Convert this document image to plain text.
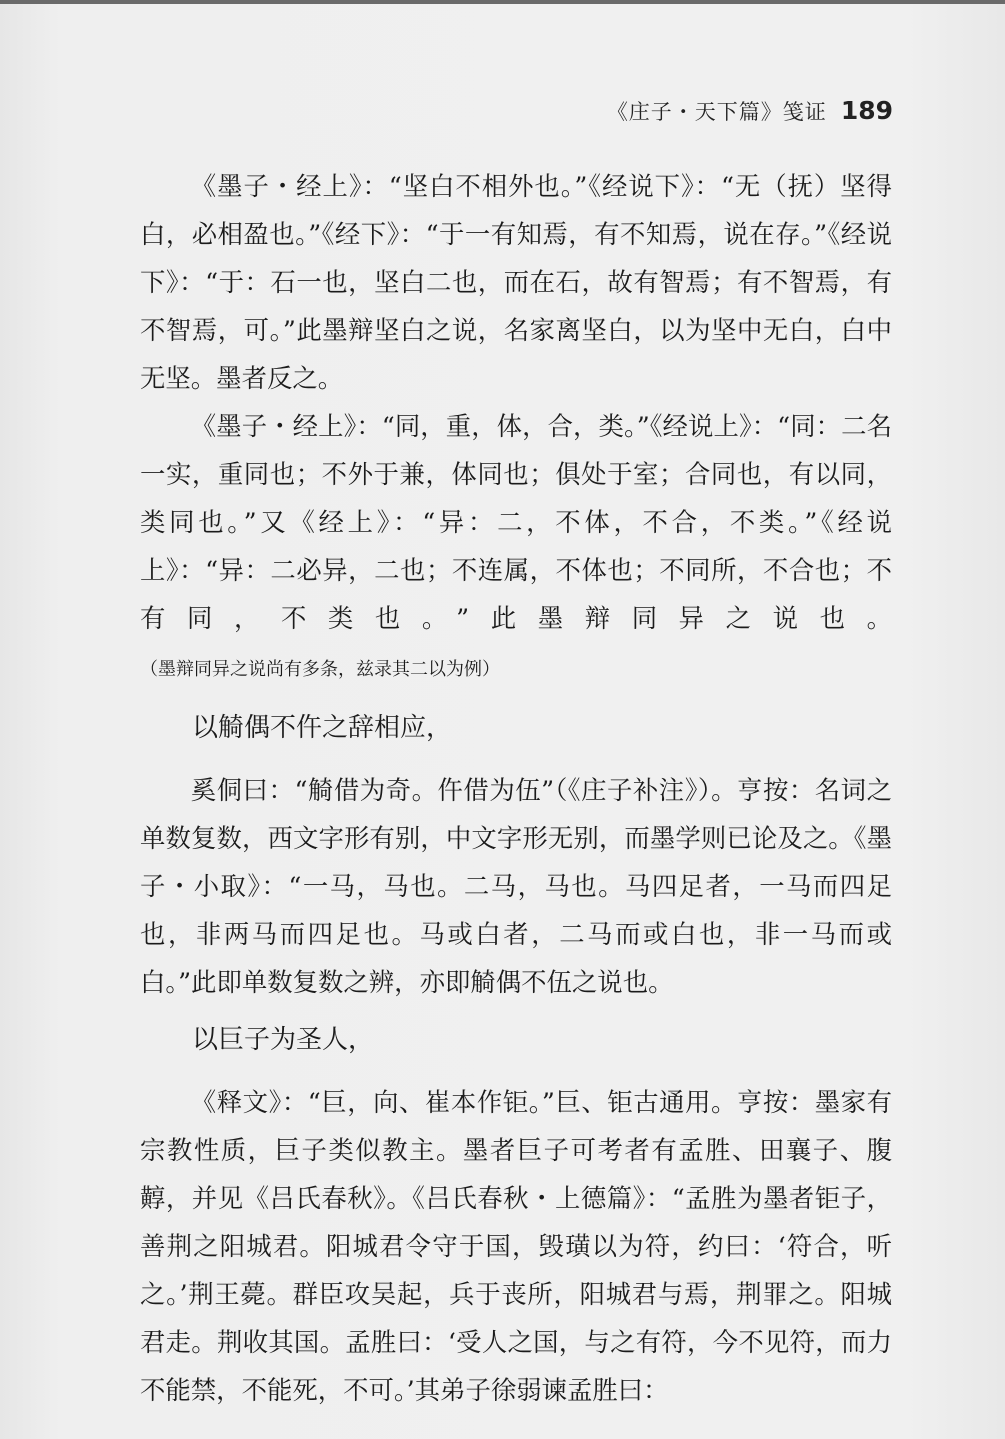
《庄子・天下篇》笺证 189

《墨子・经上》：“坚白不相外也。”《经说下》：“无（抚）坚得白，必相盈也。”《经下》：“于一有知焉，有不知焉，说在存。”《经说下》：“于：石一也，坚白二也，而在石，故有智焉；有不智焉，有不智焉，可。”此墨辩坚白之说，名家离坚白，以为坚中无白，白中无坚。墨者反之。

《墨子・经上》：“同，重，体，合，类。”《经说上》：“同：二名一实，重同也；不外于兼，体同也；俱处于室；合同也，有以同，类同也。”又《经上》：“异：二，不体，不合，不类。”《经说上》：“异：二必异，二也；不连属，不体也；不同所，不合也；不有同，不类也。”此墨辩同异之说也。（墨辩同异之说尚有多条，兹录其二以为例）

以觭偶不仵之辞相应，

奚侗曰：“觭借为奇。仵借为伍”（《庄子补注》）。亨按：名词之单数复数，西文字形有别，中文字形无别，而墨学则已论及之。《墨子・小取》：“一马，马也。二马，马也。马四足者，一马而四足也，非两马而四足也。马或白者，二马而或白也，非一马而或白。”此即单数复数之辨，亦即觭偶不伍之说也。

以巨子为圣人，

《释文》：“巨，向、崔本作钜。”巨、钜古通用。亨按：墨家有宗教性质，巨子类似教主。墨者巨子可考者有孟胜、田襄子、腹䵍，并见《吕氏春秋》。《吕氏春秋・上德篇》：“孟胜为墨者钜子，善荆之阳城君。阳城君令守于国，毁璜以为符，约曰：‘符合，听之。’荆王薨。群臣攻吴起，兵于丧所，阳城君与焉，荆罪之。阳城君走。荆收其国。孟胜曰：‘受人之国，与之有符，今不见符，而力不能禁，不能死，不可。’其弟子徐弱谏孟胜曰：
